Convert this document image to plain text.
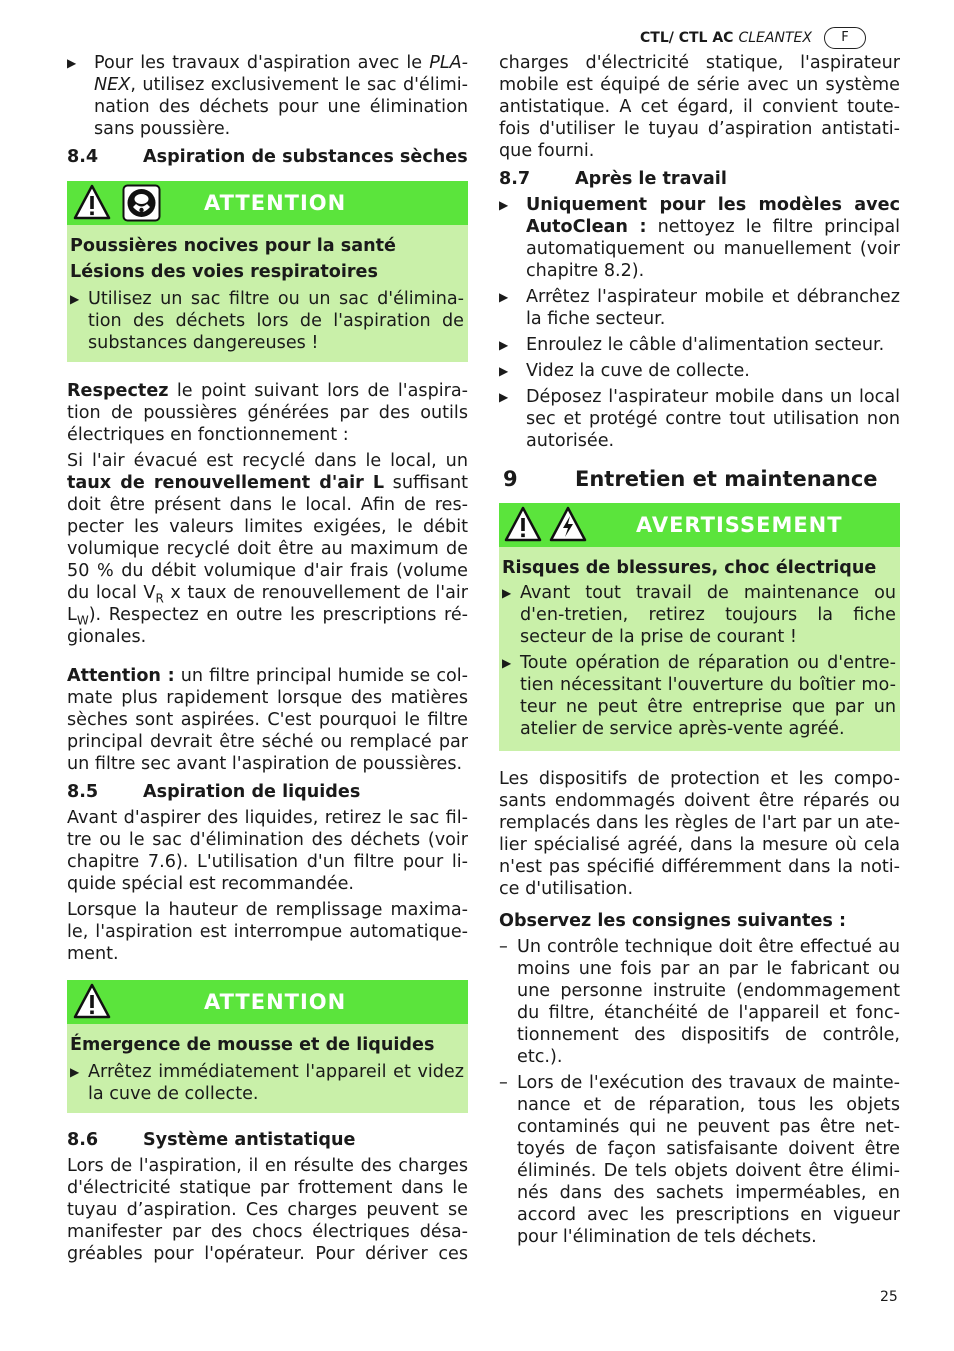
CTL/ CTL AC CLEANTEX	F
▶	Pour les travaux d'aspiration avec le PLA-NEX, utilisez exclusivement le sac d'élimi-nation des déchets pour une élimination sans poussière.
8.4	Aspiration de substances sèches
ATTENTION
Poussières nocives pour la santé
Lésions des voies respiratoires
▶ Utilisez un sac filtre ou un sac d'élimina-tion des déchets lors de l'aspiration de substances dangereuses !

Respectez le point suivant lors de l'aspira-tion de poussières générées par des outils électriques en fonctionnement :

Si l'air évacué est recyclé dans le local, un taux de renouvellement d'air L suffisant doit être présent dans le local. Afin de res-pecter les valeurs limites exigées, le débit volumique recyclé doit être au maximum de 50 % du débit volumique d'air frais (volume du local $V_R$ x taux de renouvellement de l'air $L_W$). Respectez en outre les prescriptions ré-gionales.

Attention : un filtre principal humide se col-mate plus rapidement lorsque des matières sèches sont aspirées. C'est pourquoi le filtre principal devrait être séché ou remplacé par un filtre sec avant l'aspiration de poussières.

8.5	Aspiration de liquides

Avant d'aspirer des liquides, retirez le sac fil-tre ou le sac d'élimination des déchets (voir chapitre 7.6). L'utilisation d'un filtre pour li-quide spécial est recommandée.

Lorsque la hauteur de remplissage maxima-le, l'aspiration est interrompue automatique-ment.

ATTENTION
Émergence de mousse et de liquides
▶ Arrêtez immédiatement l'appareil et videz la cuve de collecte.
8.6	Système antistatique

Lors de l'aspiration, il en résulte des charges d'électricité statique par frottement dans le tuyau d’aspiration. Ces charges peuvent se manifester par des chocs électriques désa-gréables pour l'opérateur. Pour dériver ces

charges d'électricité statique, l'aspirateur mobile est équipé de série avec un système antistatique. A cet égard, il convient toute-fois d'utiliser le tuyau d’aspiration antistati-que fourni.

8.7	Après le travail
▶	Uniquement pour les modèles avec AutoClean : nettoyez le filtre principal automatiquement ou manuellement (voir chapitre 8.2).
▶	Arrêtez l'aspirateur mobile et débranchez la fiche secteur.
▶	Enroulez le câble d'alimentation secteur.
▶	Videz la cuve de collecte.
▶	Déposez l'aspirateur mobile dans un local sec et protégé contre tout utilisation non autorisée.
9	Entretien et maintenance
AVERTISSEMENT
Risques de blessures, choc électrique
▶ Avant tout travail de maintenance ou d'en-tretien, retirez toujours la fiche secteur de la prise de courant !
▶ Toute opération de réparation ou d'entre-tien nécessitant l'ouverture du boîtier mo-teur ne peut être entreprise que par un atelier de service après-vente agréé.

Les dispositifs de protection et les compo-sants endommagés doivent être réparés ou remplacés dans les règles de l'art par un ate-lier spécialisé agréé, dans la mesure où cela n'est pas spécifié différemment dans la noti-ce d'utilisation.

Observez les consignes suivantes :
– Un contrôle technique doit être effectué au moins une fois par an par le fabricant ou une personne instruite (endommagement du filtre, étanchéité de l'appareil et fonc-tionnement des dispositifs de contrôle, etc.).
– Lors de l'exécution des travaux de mainte-nance et de réparation, tous les objets contaminés qui ne peuvent pas être net-toyés de façon satisfaisante doivent être éliminés. De tels objets doivent être élimi-nés dans des sachets imperméables, en accord avec les prescriptions en vigueur pour l'élimination de tels déchets.
25
